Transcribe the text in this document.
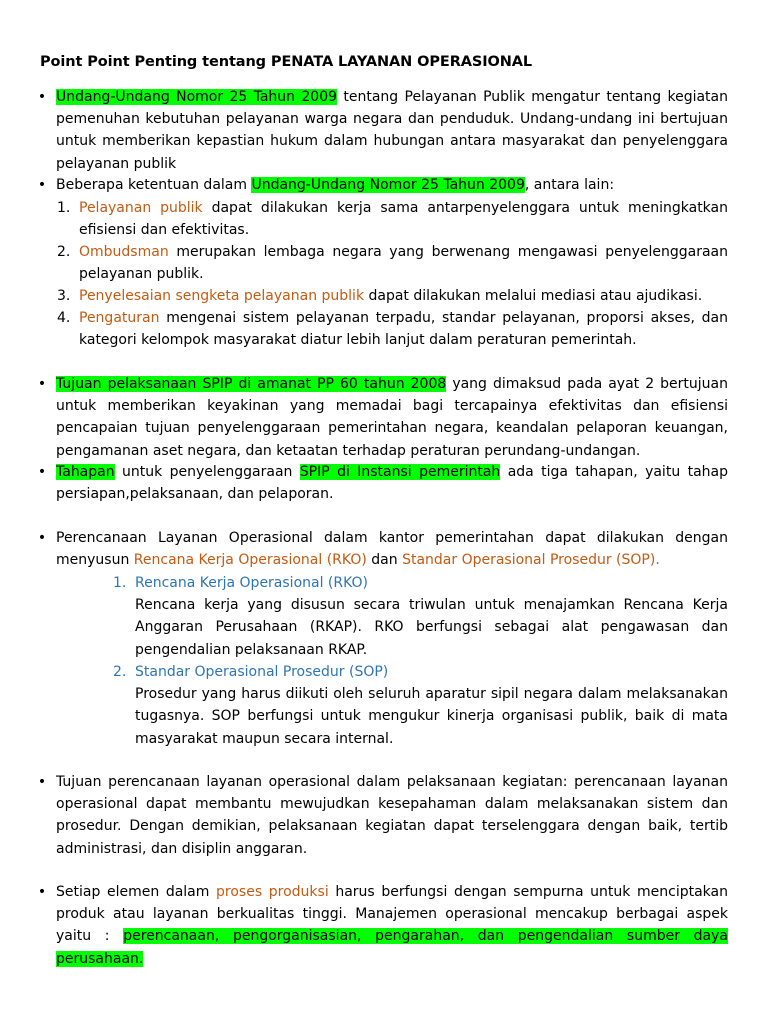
Point Point Penting tentang PENATA LAYANAN OPERASIONAL
• Undang-Undang Nomor 25 Tahun 2009 tentang Pelayanan Publik mengatur tentang kegiatan pemenuhan kebutuhan pelayanan warga negara dan penduduk. Undang-undang ini bertujuan untuk memberikan kepastian hukum dalam hubungan antara masyarakat dan penyelenggara pelayanan publik

• Beberapa ketentuan dalam Undang-Undang Nomor 25 Tahun 2009, antara lain:

1. Pelayanan publik dapat dilakukan kerja sama antarpenyelenggara untuk meningkatkan efisiensi dan efektivitas.

2. Ombudsman merupakan lembaga negara yang berwenang mengawasi penyelenggaraan pelayanan publik.

3. Penyelesaian sengketa pelayanan publik dapat dilakukan melalui mediasi atau ajudikasi.

4. Pengaturan mengenai sistem pelayanan terpadu, standar pelayanan, proporsi akses, dan kategori kelompok masyarakat diatur lebih lanjut dalam peraturan pemerintah.

• Tujuan pelaksanaan SPIP di amanat PP 60 tahun 2008 yang dimaksud pada ayat 2 bertujuan untuk memberikan keyakinan yang memadai bagi tercapainya efektivitas dan efisiensi pencapaian tujuan penyelenggaraan pemerintahan negara, keandalan pelaporan keuangan, pengamanan aset negara, dan ketaatan terhadap peraturan perundang-undangan.

• Tahapan untuk penyelenggaraan SPIP di Instansi pemerintah ada tiga tahapan, yaitu tahap persiapan,pelaksanaan, dan pelaporan.

• Perencanaan Layanan Operasional dalam kantor pemerintahan dapat dilakukan dengan menyusun Rencana Kerja Operasional (RKO) dan Standar Operasional Prosedur (SOP).

1. Rencana Kerja Operasional (RKO)

Rencana kerja yang disusun secara triwulan untuk menajamkan Rencana Kerja Anggaran Perusahaan (RKAP). RKO berfungsi sebagai alat pengawasan dan pengendalian pelaksanaan RKAP.

2. Standar Operasional Prosedur (SOP)

Prosedur yang harus diikuti oleh seluruh aparatur sipil negara dalam melaksanakan tugasnya. SOP berfungsi untuk mengukur kinerja organisasi publik, baik di mata masyarakat maupun secara internal.

• Tujuan perencanaan layanan operasional dalam pelaksanaan kegiatan: perencanaan layanan operasional dapat membantu mewujudkan kesepahaman dalam melaksanakan sistem dan prosedur. Dengan demikian, pelaksanaan kegiatan dapat terselenggara dengan baik, tertib administrasi, dan disiplin anggaran.

• Setiap elemen dalam proses produksi harus berfungsi dengan sempurna untuk menciptakan produk atau layanan berkualitas tinggi. Manajemen operasional mencakup berbagai aspek yaitu : perencanaan, pengorganisasian, pengarahan, dan pengendalian sumber daya perusahaan.
